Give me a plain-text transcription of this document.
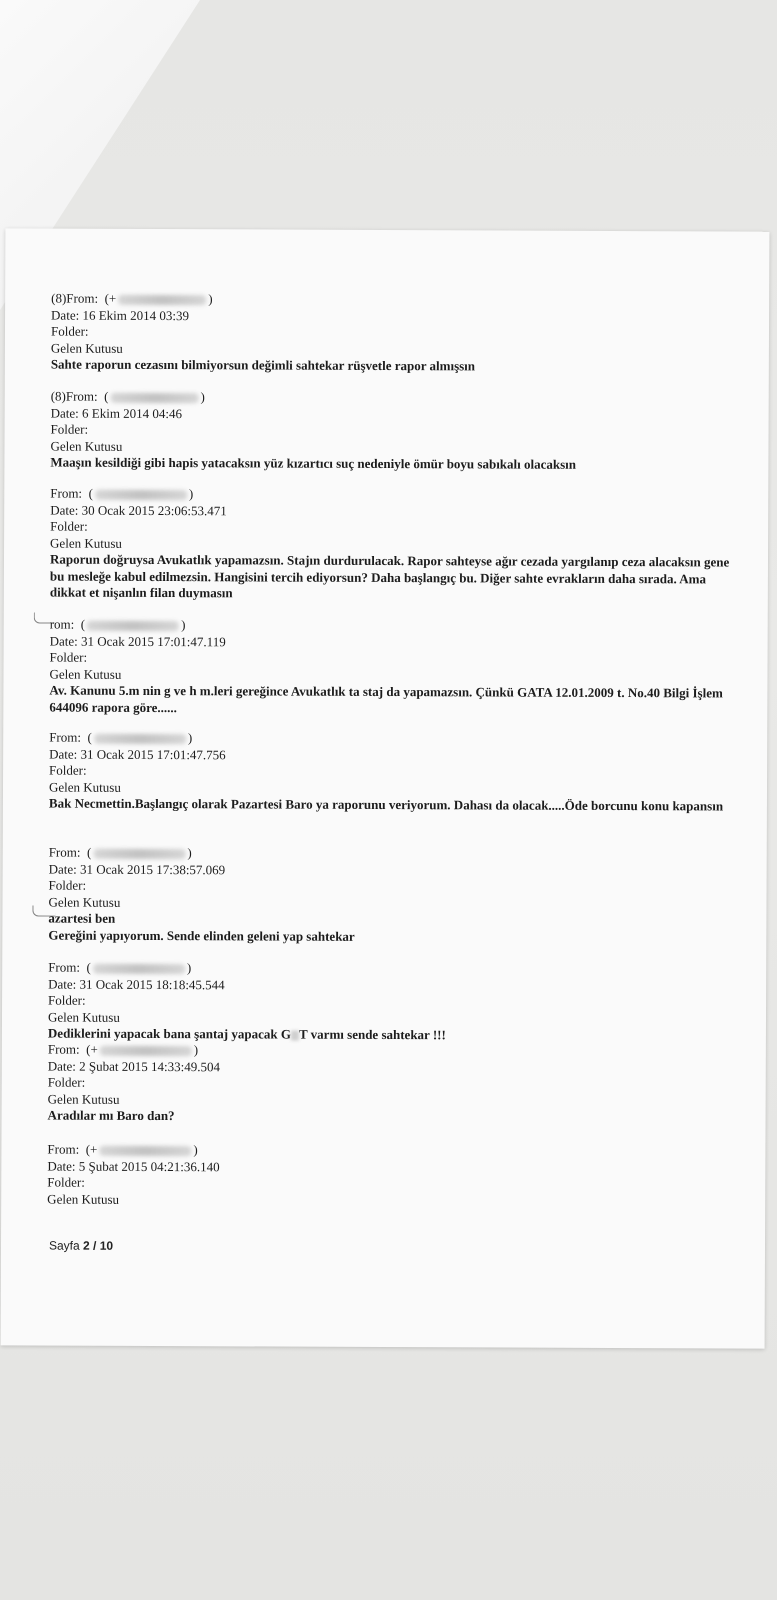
(8)From: (+	)
Date: 16 Ekim 2014 03:39
Folder:
Gelen Kutusu
Sahte raporun cezasını bilmiyorsun değimli sahtekar rüşvetle rapor almışsın
(8)From: (	)
Date: 6 Ekim 2014 04:46
Folder:
Gelen Kutusu
Maaşın kesildiği gibi hapis yatacaksın yüz kızartıcı suç nedeniyle ömür boyu sabıkalı olacaksın
From: (	)
Date: 30 Ocak 2015 23:06:53.471
Folder:
Gelen Kutusu
Raporun doğruysa Avukatlık yapamazsın. Stajın durdurulacak. Rapor sahteyse ağır cezada yargılanıp ceza alacaksın gene bu mesleğe kabul edilmezsin. Hangisini tercih ediyorsun? Daha başlangıç bu. Diğer sahte evrakların daha sırada. Ama dikkat et nişanlın filan duymasın
rom: (	)
Date: 31 Ocak 2015 17:01:47.119
Folder:
Gelen Kutusu
Av. Kanunu 5.m nin g ve h m.leri gereğince Avukatlık ta staj da yapamazsın. Çünkü GATA 12.01.2009 t. No.40 Bilgi İşlem 644096 rapora göre......
From: (	)
Date: 31 Ocak 2015 17:01:47.756
Folder:
Gelen Kutusu
Bak Necmettin.Başlangıç olarak Pazartesi Baro ya raporunu veriyorum. Dahası da olacak.....Öde borcunu konu kapansın
From: (	)
Date: 31 Ocak 2015 17:38:57.069
Folder:
Gelen Kutusu
azartesi ben
Gereğini yapıyorum. Sende elinden geleni yap sahtekar
From: (	)
Date: 31 Ocak 2015 18:18:45.544
Folder:
Gelen Kutusu
Dediklerini yapacak bana şantaj yapacak G T varmı sende sahtekar !!!
From: (+	)
Date: 2 Şubat 2015 14:33:49.504
Folder:
Gelen Kutusu
Aradılar mı Baro dan?
From: (+	)
Date: 5 Şubat 2015 04:21:36.140
Folder:
Gelen Kutusu
Sayfa 2 / 10
